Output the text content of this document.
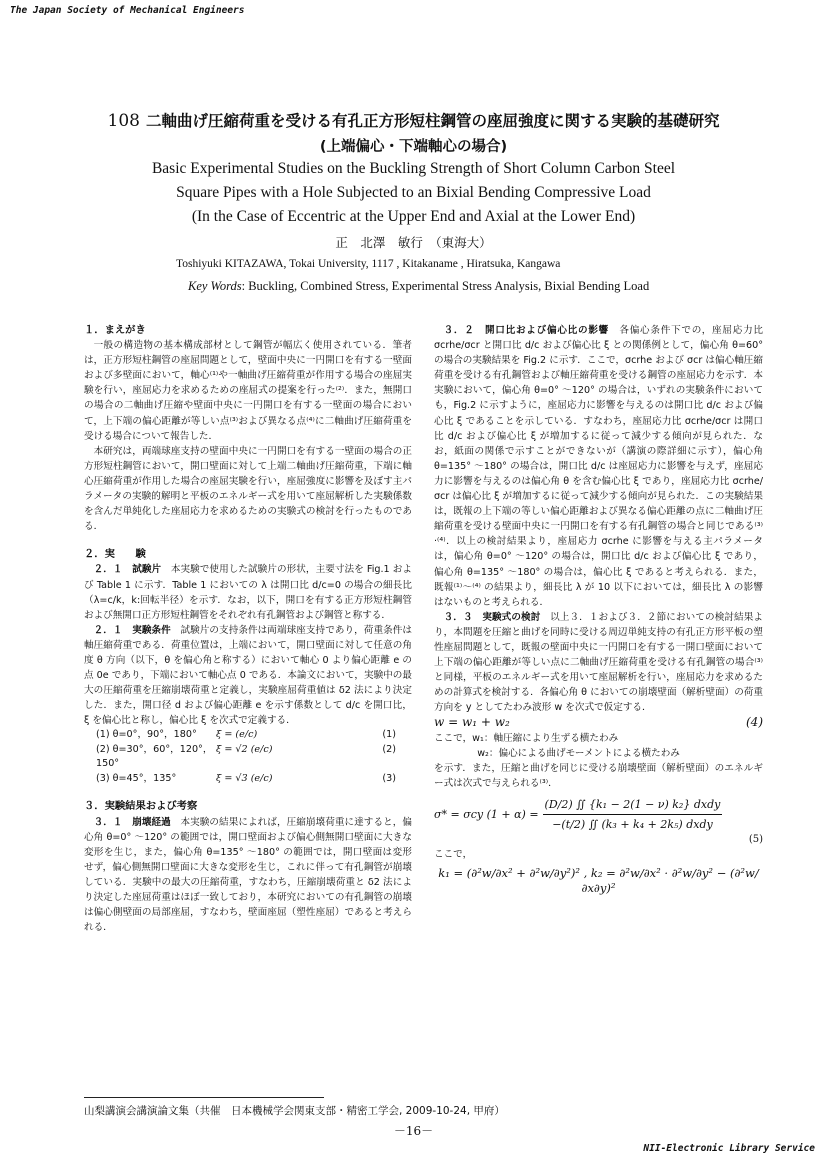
The Japan Society of Mechanical Engineers
108 二軸曲げ圧縮荷重を受ける有孔正方形短柱鋼管の座屈強度に関する実験的基礎研究
(上端偏心・下端軸心の場合)
Basic Experimental Studies on the Buckling Strength of Short Column Carbon Steel
Square Pipes with a Hole Subjected to an Bixial Bending Compressive Load
(In the Case of Eccentric at the Upper End and Axial at the Lower End)
正　北澤　敏行　（東海大）
Toshiyuki KITAZAWA, Tokai University, 1117 , Kitakaname , Hiratsuka, Kangawa
Key Words: Buckling, Combined Stress, Experimental Stress Analysis, Bixial Bending Load
１．まえがき

一般の構造物の基本構成部材として鋼管が幅広く使用されている．筆者は，正方形短柱鋼管の座屈問題として，壁面中央に一円開口を有する一壁面および多壁面において，軸心⁽¹⁾や一軸曲げ圧縮荷重が作用する場合の座屈実験を行い，座屈応力を求めるための座屈式の提案を行った⁽²⁾．また，無開口の場合の二軸曲げ圧縮や壁面中央に一円開口を有する一壁面の場合において，上下端の偏心距離が等しい点⁽³⁾および異なる点⁽⁴⁾に二軸曲げ圧縮荷重を受ける場合について報告した．

本研究は，両端球座支持の壁面中央に一円開口を有する一壁面の場合の正方形短柱鋼管において，開口壁面に対して上端二軸曲げ圧縮荷重，下端に軸心圧縮荷重が作用した場合の座屈実験を行い，座屈強度に影響を及ぼす主パラメータの実験的解明と平板のエネルギー式を用いて座屈解析した実験係数を含んだ単純化した座屈応力を求めるための実験式の検討を行ったものである．

２．実　　験

２．１　試験片　 本実験で使用した試験片の形状，主要寸法を Fig.1 および Table 1 に示す．Table 1 においての λ は開口比 d/c=0 の場合の細長比（λ=c/k，k:回転半径）を示す．なお，以下，開口を有する正方形短柱鋼管および無開口正方形短柱鋼管をそれぞれ有孔鋼管および鋼管と称する．

２．１　実験条件　 試験片の支持条件は両端球座支持であり，荷重条件は軸圧縮荷重である．荷重位置は，上端において，開口壁面に対して任意の角度 θ 方向（以下，θ を偏心角と称する）において軸心 0 より偏心距離 e の点 0e であり，下端において軸心点 0 である．本論文において，実験中の最大の圧縮荷重を圧縮崩壊荷重と定義し，実験座屈荷重値は δ2 法により決定した．また，開口径 d および偏心距離 e を示す係数として d/c を開口比，ξ を偏心比と称し，偏心比 ξ を次式で定義する．

(1) θ=0°，90°，180°	ξ = (e/c)	(1)
(2) θ=30°，60°，120°，150°
ξ = √2 (e/c)	(2)
(3) θ=45°，135°	ξ = √3 (e/c)	(3)
３．実験結果および考察

３．１　崩壊経過　 本実験の結果によれば，圧縮崩壊荷重に達すると，偏心角 θ=0° ～120° の範囲では，開口壁面および偏心側無開口壁面に大きな変形を生じ，また，偏心角 θ=135° ～180° の範囲では，開口壁面は変形せず，偏心側無開口壁面に大きな変形を生じ，これに伴って有孔鋼管が崩壊している．実験中の最大の圧縮荷重，すなわち，圧縮崩壊荷重と δ2 法により決定した座屈荷重はほぼ一致しており，本研究においての有孔鋼管の崩壊は偏心側壁面の局部座屈，すなわち，壁面座屈（塑性座屈）であると考えられる．

３．２　開口比および偏心比の影響　 各偏心条件下での，座屈応力比 σcrhe/σcr と開口比 d/c および偏心比 ξ との関係例として，偏心角 θ=60° の場合の実験結果を Fig.2 に示す．ここで，σcrhe および σcr は偏心軸圧縮荷重を受ける有孔鋼管および軸圧縮荷重を受ける鋼管の座屈応力を示す．本実験において，偏心角 θ=0° ～120° の場合は，いずれの実験条件においても，Fig.2 に示すように，座屈応力に影響を与えるのは開口比 d/c および偏心比 ξ であることを示している．すなわち，座屈応力比 σcrhe/σcr は開口比 d/c および偏心比 ξ が増加するに従って減少する傾向が見られた．なお，紙面の関係で示すことができないが（講演の際詳細に示す），偏心角 θ=135° ～180° の場合は，開口比 d/c は座屈応力に影響を与えず，座屈応力に影響を与えるのは偏心角 θ を含む偏心比 ξ であり，座屈応力比 σcrhe/σcr は偏心比 ξ が増加するに従って減少する傾向が見られた．この実験結果は，既報の上下端の等しい偏心距離および異なる偏心距離の点に二軸曲げ圧縮荷重を受ける壁面中央に一円開口を有する有孔鋼管の場合と同じである⁽³⁾·⁽⁴⁾．以上の検討結果より，座屈応力 σcrhe に影響を与える主パラメータは，偏心角 θ=0° ～120° の場合は，開口比 d/c および偏心比 ξ であり，偏心角 θ=135° ～180° の場合は，偏心比 ξ であると考えられる．また，既報⁽¹⁾～⁽⁴⁾ の結果より，細長比 λ が 10 以下においては，細長比 λ の影響はないものと考えられる．

３．３　実験式の検討　 以上３．１および３．２節においての検討結果より，本問題を圧縮と曲げを同時に受ける周辺単純支持の有孔正方形平板の塑性座屈問題として，既報の壁面中央に一円開口を有する一開口壁面において上下端の偏心距離が等しい点に二軸曲げ圧縮荷重を受ける有孔鋼管の場合⁽³⁾と同様，平板のエネルギー式を用いて座屈解析を行い，座屈応力を求めるための計算式を検討する．各偏心角 θ においての崩壊壁面（解析壁面）の荷重方向を y としてたわみ波形 w を次式で仮定する．

w = w₁ + w₂	(4)

ここで，w₁：軸圧縮により生ずる横たわみ

w₂：偏心による曲げモーメントによる横たわみ

を示す．また，圧縮と曲げを同じに受ける崩壊壁面（解析壁面）のエネルギー式は次式で与えられる⁽³⁾．

σ* = σcy (1 + α) =
(D/2) ∬ {k₁ − 2(1 − ν) k₂} dxdy
−(t/2) ∬ (k₃ + k₄ + 2k₅) dxdy
(5)

ここで，

k₁ = (∂²w/∂x² + ∂²w/∂y²)² , k₂ = ∂²w/∂x² · ∂²w/∂y² − (∂²w/∂x∂y)²
山梨講演会講演論文集（共催　日本機械学会関東支部・精密工学会, 2009-10-24, 甲府）
－16－
NII-Electronic Library Service
